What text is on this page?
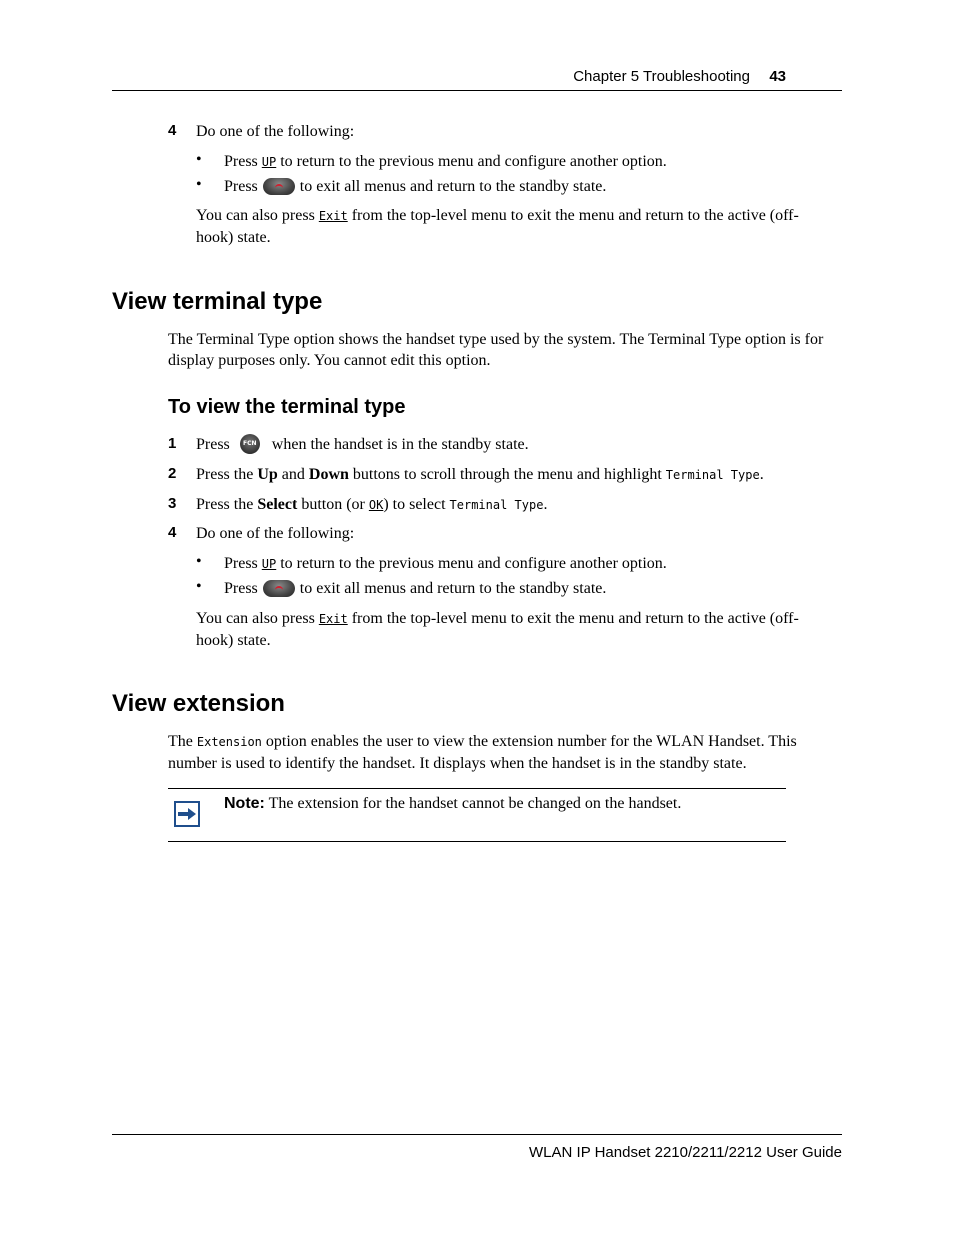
Chapter 5 Troubleshooting 43
4 Do one of the following:
• Press UP to return to the previous menu and configure another option.
• Press	to exit all menus and return to the standby state.
You can also press Exit from the top-level menu to exit the menu and return to the active (off-hook) state.
View terminal type
The Terminal Type option shows the handset type used by the system. The Terminal Type option is for display purposes only. You cannot edit this option.
To view the terminal type
1 Press FCN when the handset is in the standby state.
2 Press the Up and Down buttons to scroll through the menu and highlight Terminal Type.
3 Press the Select button (or OK) to select Terminal Type.
4 Do one of the following:
• Press UP to return to the previous menu and configure another option.
• Press	to exit all menus and return to the standby state.
You can also press Exit from the top-level menu to exit the menu and return to the active (off-hook) state.
View extension
The Extension option enables the user to view the extension number for the WLAN Handset. This number is used to identify the handset. It displays when the handset is in the standby state.
Note: The extension for the handset cannot be changed on the handset.
WLAN IP Handset 2210/2211/2212 User Guide
